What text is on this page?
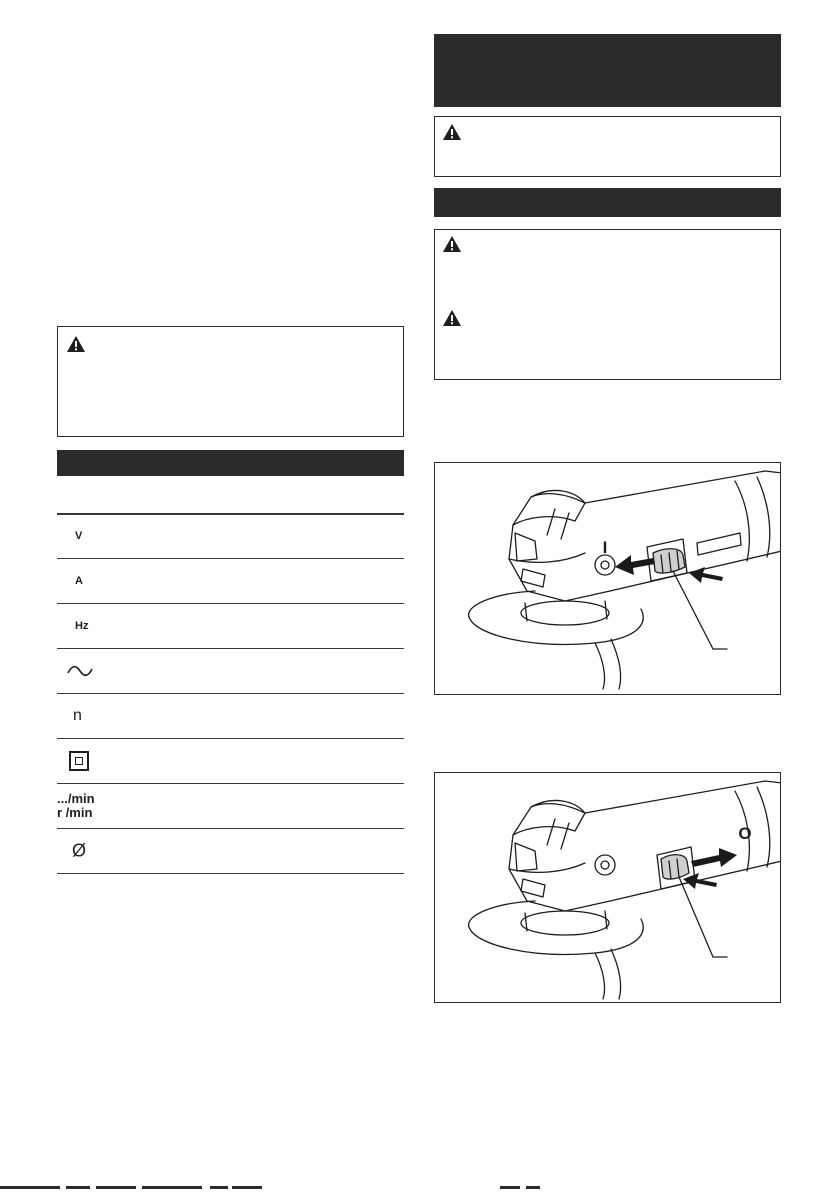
V
A
Hz
n
.../min
r /min
Ø
I
O
